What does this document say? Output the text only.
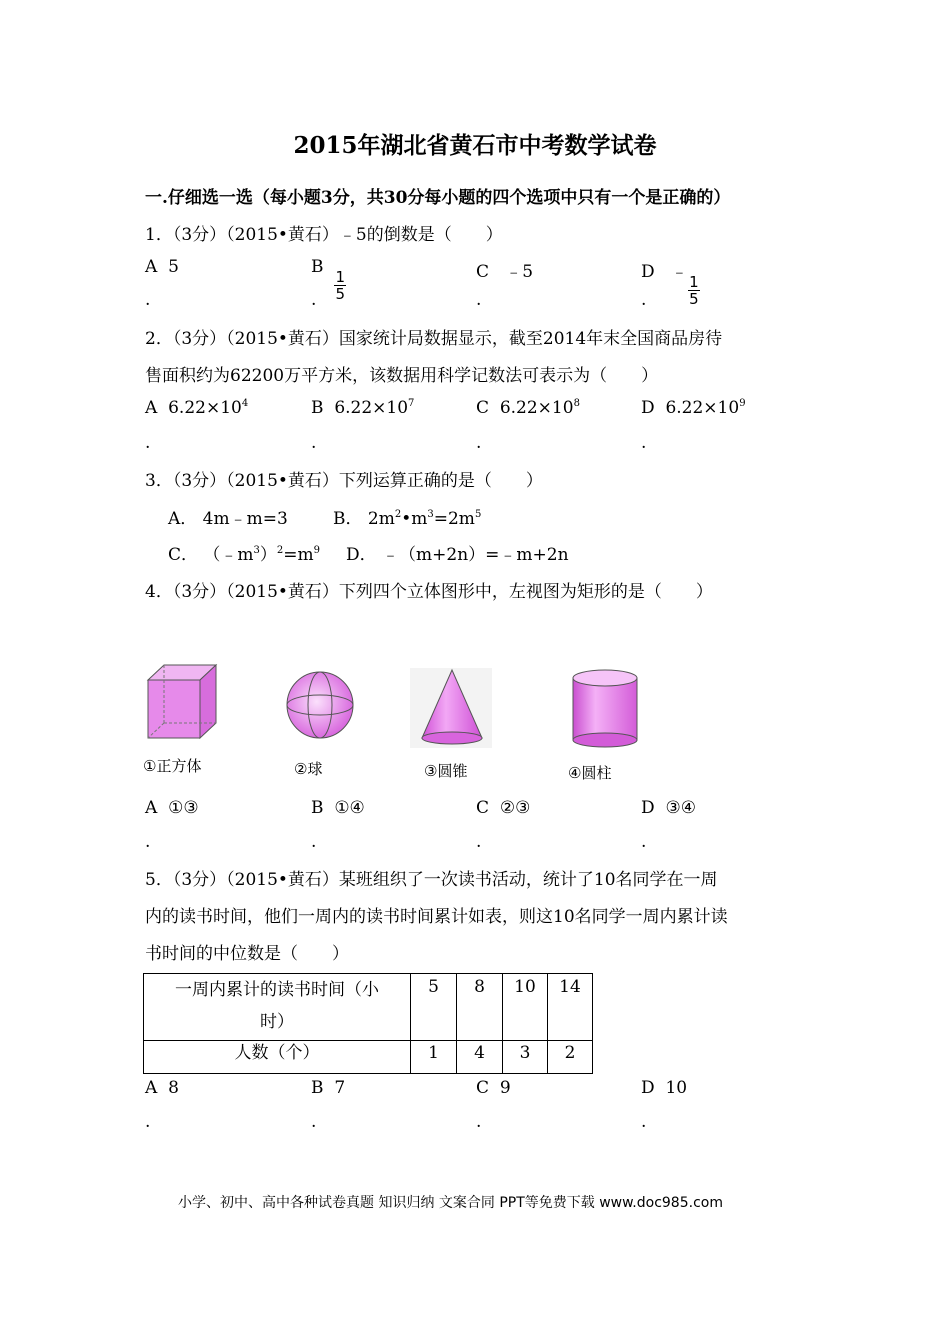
2015年湖北省黄石市中考数学试卷
一.仔细选一选（每小题3分，共30分每小题的四个选项中只有一个是正确的）
1．（3分）（2015•黄石）﹣5的倒数是（　　）
A 5	B
$\frac{1}{5}$	C ﹣5	D ﹣
$\frac{1}{5}$
.	.	.	.
2．（3分）（2015•黄石）国家统计局数据显示，截至2014年末全国商品房待
售面积约为62200万平方米，该数据用科学记数法可表示为（　　）
A $6.22\times 10^4$	B $6.22\times 10^7$	C $6.22\times 10^8$	D $6.22\times 10^9$
.	.	.	.
3．（3分）（2015•黄石）下列运算正确的是（　　）
A． 4m﹣m=3	B． $2m^2•m^3=2m^5$
C． $(﹣m^3)^2=m^9$ D． ﹣（m+2n）=﹣m+2n
4．（3分）（2015•黄石）下列四个立体图形中，左视图为矩形的是（　　）
①正方体	②球	③圆锥	④圆柱
A ①③	B ①④	C ②③	D ③④
.	.	.	.
5．（3分）（2015•黄石）某班组织了一次读书活动，统计了10名同学在一周
内的读书时间，他们一周内的读书时间累计如表，则这10名同学一周内累计读
书时间的中位数是（　　）
一周内累计的读书时间（小
时）	5	8	10	14
人数（个）	1	4	3	2
A 8	B 7	C 9	D 10
.	.	.	.
小学、初中、高中各种试卷真题 知识归纳 文案合同 PPT等免费下载 www.doc985.com
